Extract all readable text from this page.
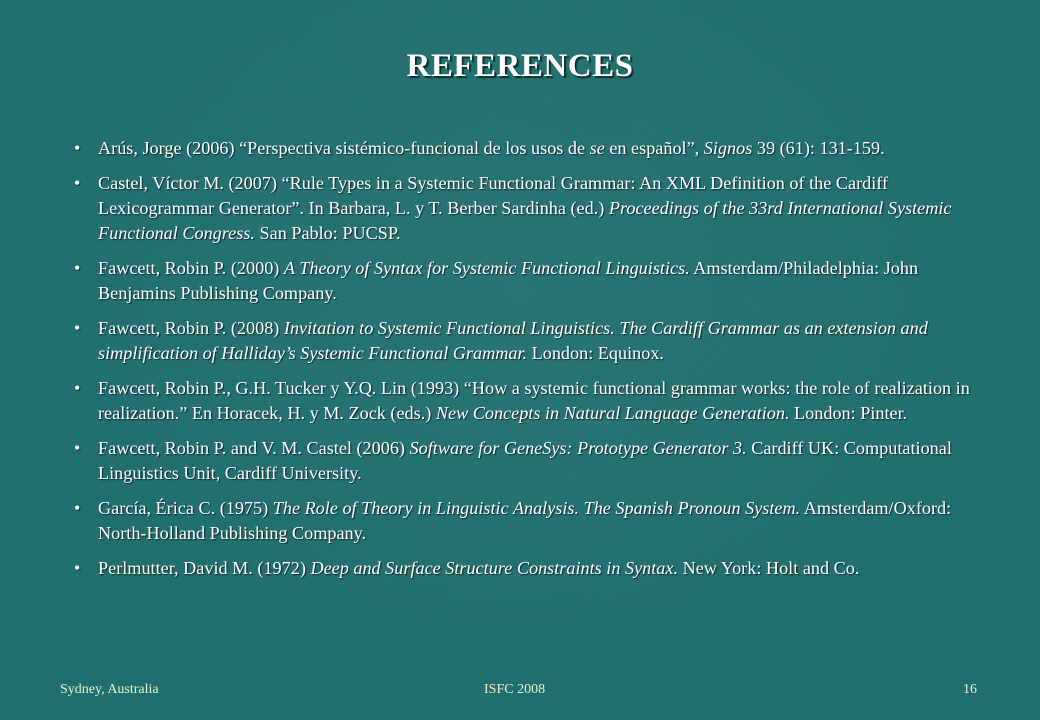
REFERENCES
• Arús, Jorge (2006) “Perspectiva sistémico-funcional de los usos de se en español”, Signos 39 (61): 131-159.
• Castel, Víctor M. (2007) “Rule Types in a Systemic Functional Grammar: An XML Definition of the Cardiff Lexicogrammar Generator”. In Barbara, L. y T. Berber Sardinha (ed.) Proceedings of the 33rd International Systemic Functional Congress. San Pablo: PUCSP.
• Fawcett, Robin P. (2000) A Theory of Syntax for Systemic Functional Linguistics. Amsterdam/Philadelphia: John Benjamins Publishing Company.
• Fawcett, Robin P. (2008) Invitation to Systemic Functional Linguistics. The Cardiff Grammar as an extension and simplification of Halliday’s Systemic Functional Grammar. London: Equinox.
• Fawcett, Robin P., G.H. Tucker y Y.Q. Lin (1993) “How a systemic functional grammar works: the role of realization in realization.” En Horacek, H. y M. Zock (eds.) New Concepts in Natural Language Generation. London: Pinter.
• Fawcett, Robin P. and V. M. Castel (2006) Software for GeneSys: Prototype Generator 3. Cardiff UK: Computational Linguistics Unit, Cardiff University.
• García, Érica C. (1975) The Role of Theory in Linguistic Analysis. The Spanish Pronoun System. Amsterdam/Oxford: North-Holland Publishing Company.
• Perlmutter, David M. (1972) Deep and Surface Structure Constraints in Syntax. New York: Holt and Co.
Sydney, Australia	ISFC 2008	16
